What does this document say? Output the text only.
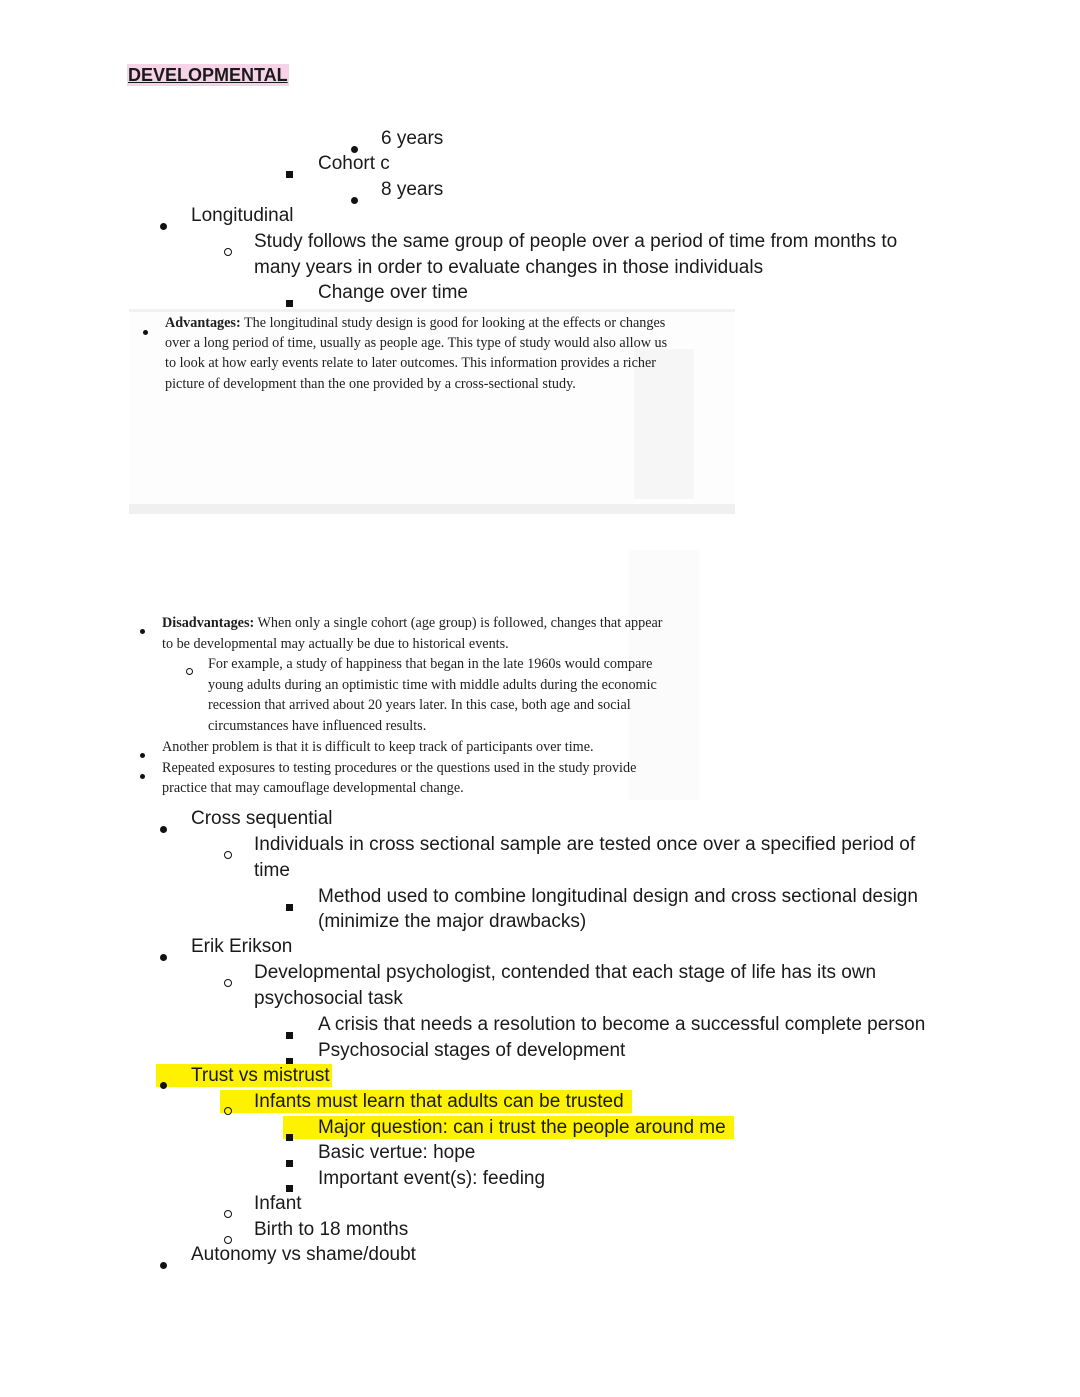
DEVELOPMENTAL
6 years
Cohort c
8 years
Longitudinal
Study follows the same group of people over a period of time from months to
many years in order to evaluate changes in those individuals
Change over time
Advantages: The longitudinal study design is good for looking at the effects or changes
over a long period of time, usually as people age. This type of study would also allow us
to look at how early events relate to later outcomes. This information provides a richer
picture of development than the one provided by a cross-sectional study.
Disadvantages: When only a single cohort (age group) is followed, changes that appear
to be developmental may actually be due to historical events.
For example, a study of happiness that began in the late 1960s would compare
young adults during an optimistic time with middle adults during the economic
recession that arrived about 20 years later. In this case, both age and social
circumstances have influenced results.
Another problem is that it is difficult to keep track of participants over time.
Repeated exposures to testing procedures or the questions used in the study provide
practice that may camouflage developmental change.
Cross sequential
Individuals in cross sectional sample are tested once over a specified period of
time
Method used to combine longitudinal design and cross sectional design
(minimize the major drawbacks)
Erik Erikson
Developmental psychologist, contended that each stage of life has its own
psychosocial task
A crisis that needs a resolution to become a successful complete person
Psychosocial stages of development
Trust vs mistrust
Infants must learn that adults can be trusted
Major question: can i trust the people around me
Basic vertue: hope
Important event(s): feeding
Infant
Birth to 18 months
Autonomy vs shame/doubt
